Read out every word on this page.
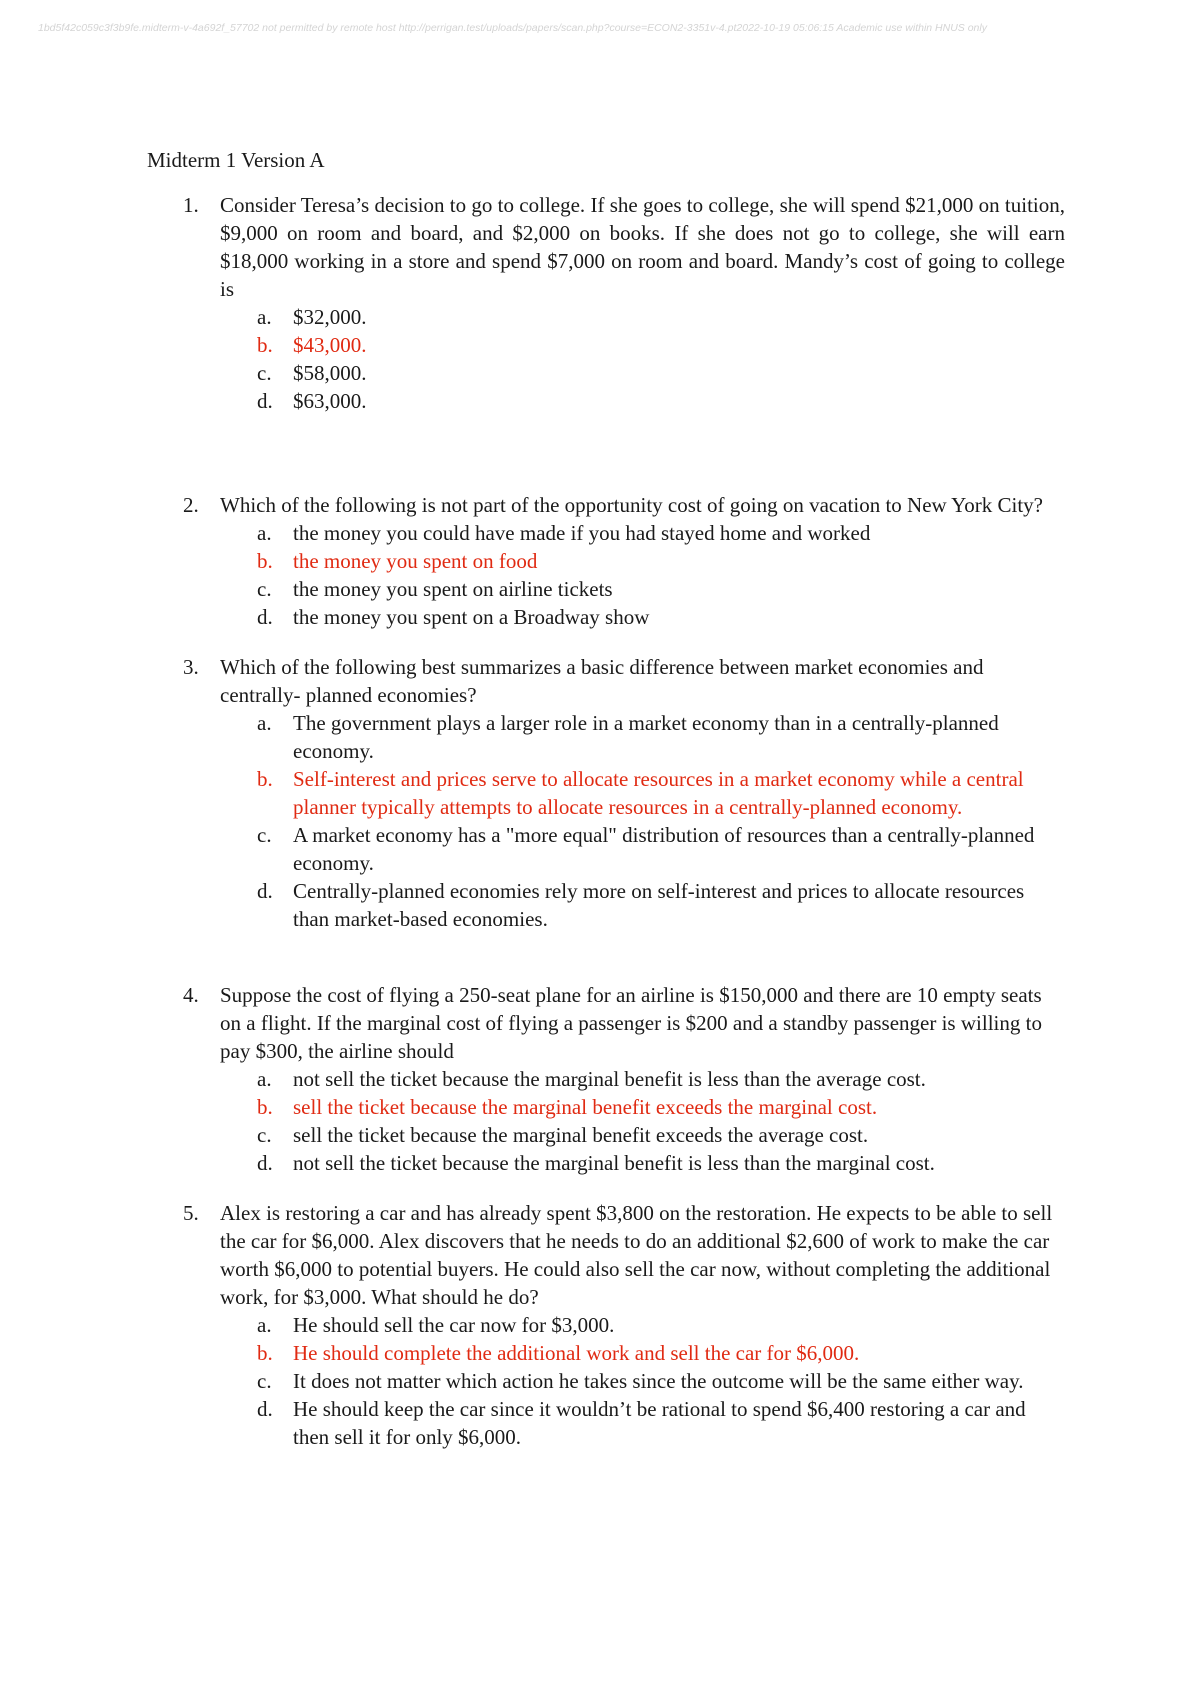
1bd5f42c059c3f3b9fe.midterm-v-4a692f_57702 not permitted by remote host http://perrigan.test/uploads/papers/scan.php?course=ECON2-3351v-4.pt2022-10-19 05:06:15 Academic use within HNUS only
Midterm 1 Version A
1.	Consider Teresa’s decision to go to college. If she goes to college, she will spend $21,000 on tuition, $9,000 on room and board, and $2,000 on books. If she does not go to college, she will earn $18,000 working in a store and spend $7,000 on room and board. Mandy’s cost of going to college is
a. $32,000.
b. $43,000.
c. $58,000.
d. $63,000.
2.	Which of the following is not part of the opportunity cost of going on vacation to New York City?
a. the money you could have made if you had stayed home and worked
b. the money you spent on food
c. the money you spent on airline tickets
d. the money you spent on a Broadway show
3.	Which of the following best summarizes a basic difference between market economies and centrally- planned economies?
a. The government plays a larger role in a market economy than in a centrally-planned economy.
b. Self-interest and prices serve to allocate resources in a market economy while a central planner typically attempts to allocate resources in a centrally-planned economy.
c. A market economy has a "more equal" distribution of resources than a centrally-planned economy.
d. Centrally-planned economies rely more on self-interest and prices to allocate resources than market-based economies.
4.	Suppose the cost of flying a 250-seat plane for an airline is $150,000 and there are 10 empty seats on a flight. If the marginal cost of flying a passenger is $200 and a standby passenger is willing to pay $300, the airline should
a. not sell the ticket because the marginal benefit is less than the average cost.
b. sell the ticket because the marginal benefit exceeds the marginal cost.
c. sell the ticket because the marginal benefit exceeds the average cost.
d. not sell the ticket because the marginal benefit is less than the marginal cost.
5.	Alex is restoring a car and has already spent $3,800 on the restoration. He expects to be able to sell the car for $6,000. Alex discovers that he needs to do an additional $2,600 of work to make the car worth $6,000 to potential buyers. He could also sell the car now, without completing the additional work, for $3,000. What should he do?
a. He should sell the car now for $3,000.
b. He should complete the additional work and sell the car for $6,000.
c. It does not matter which action he takes since the outcome will be the same either way.
d. He should keep the car since it wouldn’t be rational to spend $6,400 restoring a car and then sell it for only $6,000.
